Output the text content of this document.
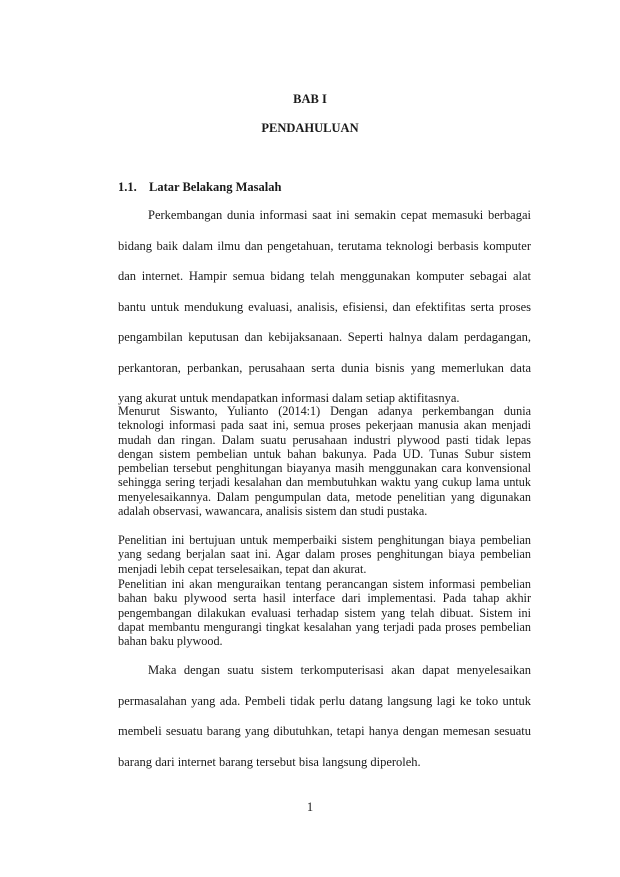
BAB I
PENDAHULUAN
1.1. Latar Belakang Masalah

Perkembangan dunia informasi saat ini semakin cepat memasuki berbagai bidang baik dalam ilmu dan pengetahuan, terutama teknologi berbasis komputer dan internet. Hampir semua bidang telah menggunakan komputer sebagai alat bantu untuk mendukung evaluasi, analisis, efisiensi, dan efektifitas serta proses pengambilan keputusan dan kebijaksanaan. Seperti halnya dalam perdagangan, perkantoran, perbankan, perusahaan serta dunia bisnis yang memerlukan data yang akurat untuk mendapatkan informasi dalam setiap aktifitasnya.

Menurut Siswanto, Yulianto (2014:1) Dengan adanya perkembangan dunia teknologi informasi pada saat ini, semua proses pekerjaan manusia akan menjadi mudah dan ringan. Dalam suatu perusahaan industri plywood pasti tidak lepas dengan sistem pembelian untuk bahan bakunya. Pada UD. Tunas Subur sistem pembelian tersebut penghitungan biayanya masih menggunakan cara konvensional sehingga sering terjadi kesalahan dan membutuhkan waktu yang cukup lama untuk menyelesaikannya. Dalam pengumpulan data, metode penelitian yang digunakan adalah observasi, wawancara, analisis sistem dan studi pustaka.

Penelitian ini bertujuan untuk memperbaiki sistem penghitungan biaya pembelian yang sedang berjalan saat ini. Agar dalam proses penghitungan biaya pembelian menjadi lebih cepat terselesaikan, tepat dan akurat.

Penelitian ini akan menguraikan tentang perancangan sistem informasi pembelian bahan baku plywood serta hasil interface dari implementasi. Pada tahap akhir pengembangan dilakukan evaluasi terhadap sistem yang telah dibuat. Sistem ini dapat membantu mengurangi tingkat kesalahan yang terjadi pada proses pembelian bahan baku plywood.

Maka dengan suatu sistem terkomputerisasi akan dapat menyelesaikan permasalahan yang ada. Pembeli tidak perlu datang langsung lagi ke toko untuk membeli sesuatu barang yang dibutuhkan, tetapi hanya dengan memesan sesuatu barang dari internet barang tersebut bisa langsung diperoleh.

1
